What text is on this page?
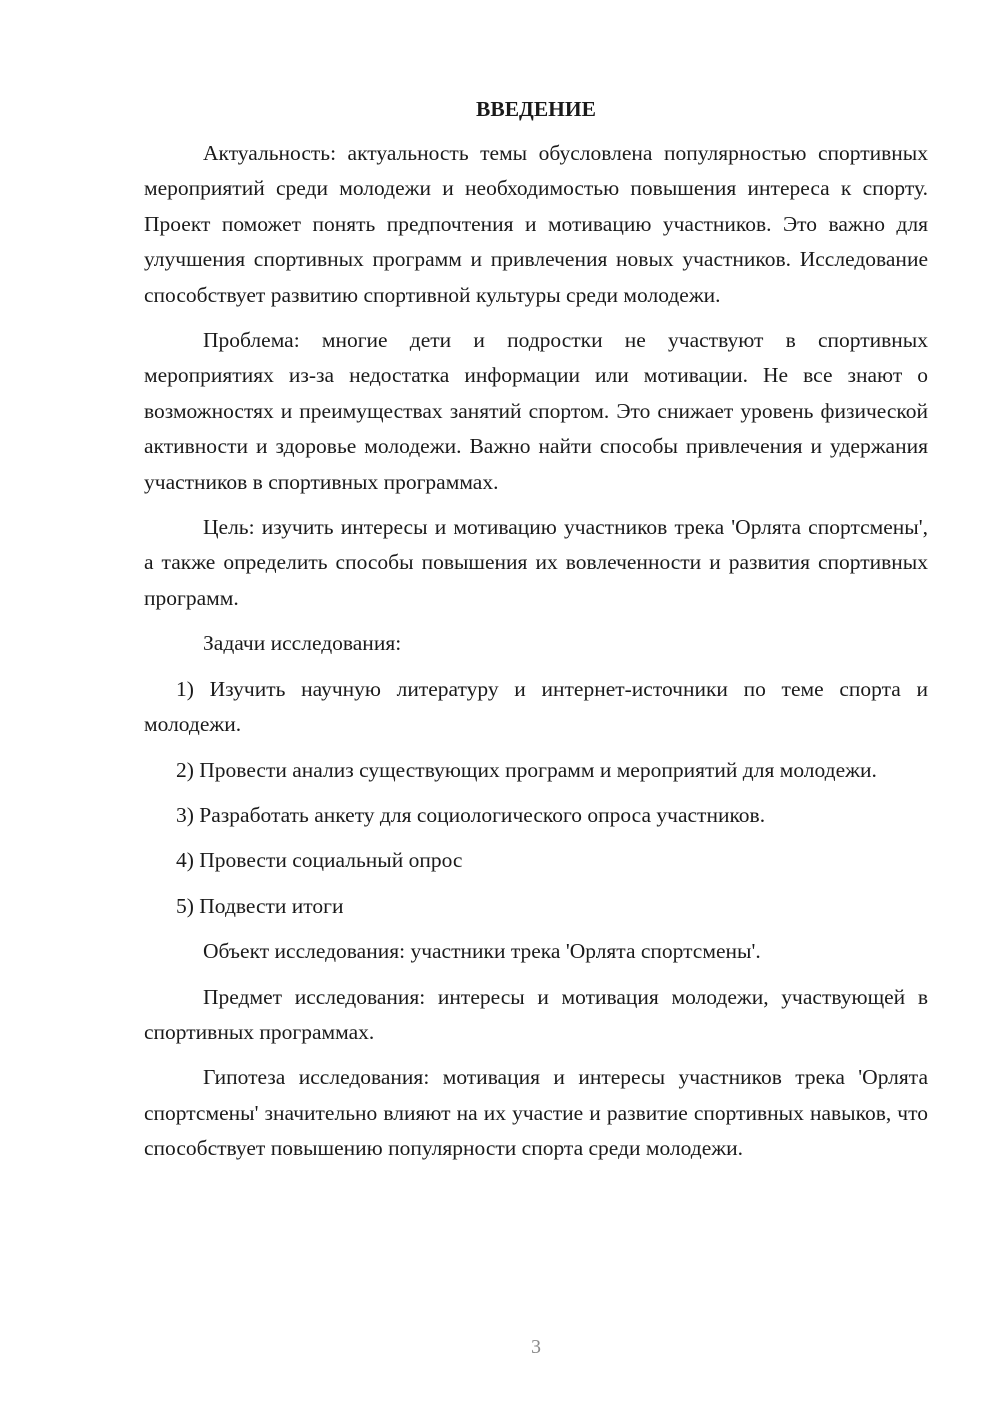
ВВЕДЕНИЕ

Актуальность: актуальность темы обусловлена популярностью спортивных мероприятий среди молодежи и необходимостью повышения интереса к спорту. Проект поможет понять предпочтения и мотивацию участников. Это важно для улучшения спортивных программ и привлечения новых участников. Исследование способствует развитию спортивной культуры среди молодежи.

Проблема: многие дети и подростки не участвуют в спортивных мероприятиях из-за недостатка информации или мотивации. Не все знают о возможностях и преимуществах занятий спортом. Это снижает уровень физической активности и здоровье молодежи. Важно найти способы привлечения и удержания участников в спортивных программах.

Цель: изучить интересы и мотивацию участников трека 'Орлята спортсмены', а также определить способы повышения их вовлеченности и развития спортивных программ.

Задачи исследования:

1) Изучить научную литературу и интернет-источники по теме спорта и молодежи.

2) Провести анализ существующих программ и мероприятий для молодежи.

3) Разработать анкету для социологического опроса участников.

4) Провести социальный опрос

5) Подвести итоги

Объект исследования: участники трека 'Орлята спортсмены'.

Предмет исследования: интересы и мотивация молодежи, участвующей в спортивных программах.

Гипотеза исследования: мотивация и интересы участников трека 'Орлята спортсмены' значительно влияют на их участие и развитие спортивных навыков, что способствует повышению популярности спорта среди молодежи.

3
